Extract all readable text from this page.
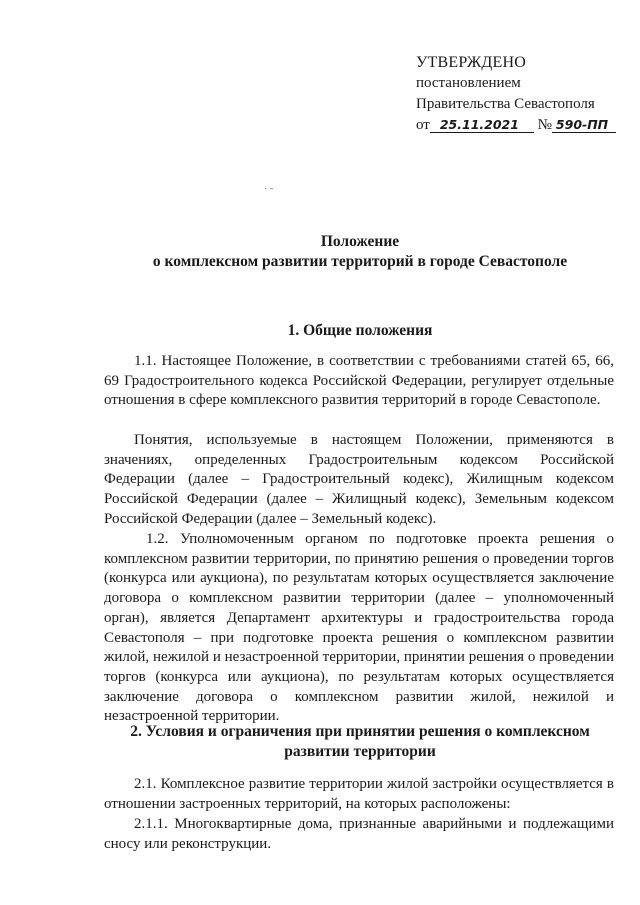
УТВЕРЖДЕНО
постановлением
Правительства Севастополя
от 25.11.2021 № 590-ПП
˙ ˉ
Положение
о комплексном развитии территорий в городе Севастополе
1. Общие положения
1.1. Настоящее Положение, в соответствии с требованиями статей 65, 66, 69 Градостроительного кодекса Российской Федерации, регулирует отдельные отношения в сфере комплексного развития территорий в городе Севастополе.
Понятия, используемые в настоящем Положении, применяются в значениях, определенных Градостроительным кодексом Российской Федерации (далее – Градостроительный кодекс), Жилищным кодексом Российской Федерации (далее – Жилищный кодекс), Земельным кодексом Российской Федерации (далее – Земельный кодекс).
1.2. Уполномоченным органом по подготовке проекта решения о комплексном развитии территории, по принятию решения о проведении торгов (конкурса или аукциона), по результатам которых осуществляется заключение договора о комплексном развитии территории (далее – уполномоченный орган), является Департамент архитектуры и градостроительства города Севастополя – при подготовке проекта решения о комплексном развитии жилой, нежилой и незастроенной территории, принятии решения о проведении торгов (конкурса или аукциона), по результатам которых осуществляется заключение договора о комплексном развитии жилой, нежилой и незастроенной территории.
2. Условия и ограничения при принятии решения о комплексном
развитии территории
2.1. Комплексное развитие территории жилой застройки осуществляется в отношении застроенных территорий, на которых расположены:
2.1.1. Многоквартирные дома, признанные аварийными и подлежащими сносу или реконструкции.
